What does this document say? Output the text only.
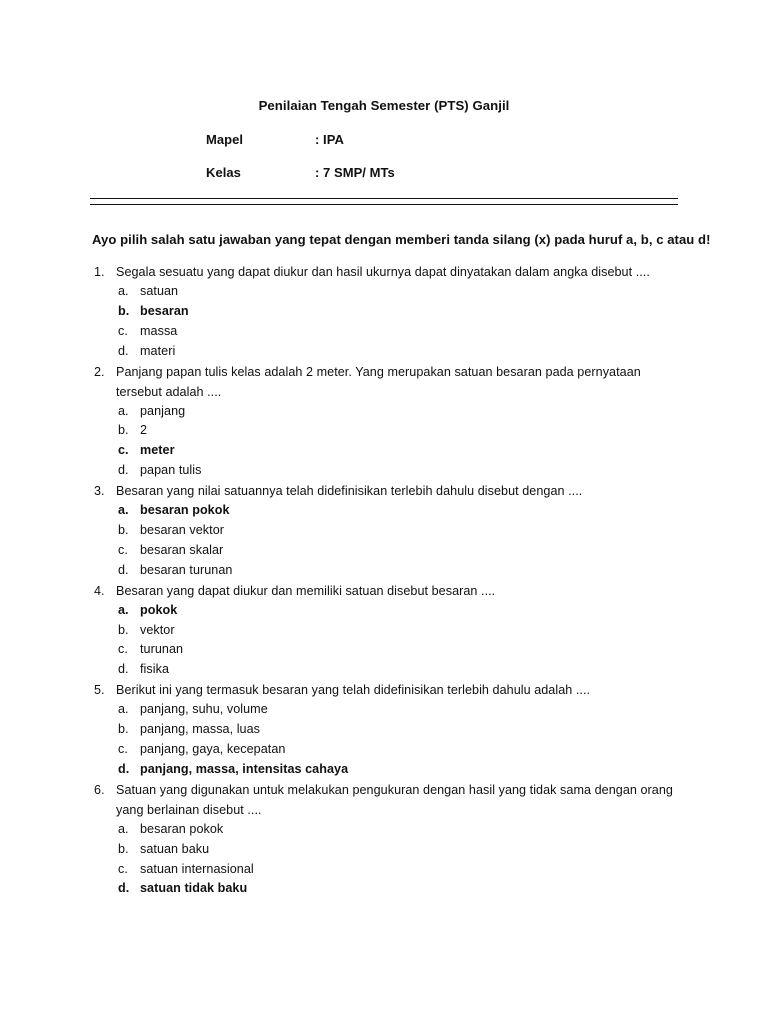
Penilaian Tengah Semester (PTS) Ganjil
Mapel	: IPA
Kelas	: 7 SMP/ MTs
Ayo pilih salah satu jawaban yang tepat dengan memberi tanda silang (x) pada huruf a, b, c atau d!
1. Segala sesuatu yang dapat diukur dan hasil ukurnya dapat dinyatakan dalam angka disebut ....
a. satuan
b. besaran
c. massa
d. materi
2. Panjang papan tulis kelas adalah 2 meter. Yang merupakan satuan besaran pada pernyataan
tersebut adalah ....
a. panjang
b. 2
c. meter
d. papan tulis
3. Besaran yang nilai satuannya telah didefinisikan terlebih dahulu disebut dengan ....
a. besaran pokok
b. besaran vektor
c. besaran skalar
d. besaran turunan
4. Besaran yang dapat diukur dan memiliki satuan disebut besaran ....
a. pokok
b. vektor
c. turunan
d. fisika
5. Berikut ini yang termasuk besaran yang telah didefinisikan terlebih dahulu adalah ....
a. panjang, suhu, volume
b. panjang, massa, luas
c. panjang, gaya, kecepatan
d. panjang, massa, intensitas cahaya
6. Satuan yang digunakan untuk melakukan pengukuran dengan hasil yang tidak sama dengan orang
yang berlainan disebut ....
a. besaran pokok
b. satuan baku
c. satuan internasional
d. satuan tidak baku
